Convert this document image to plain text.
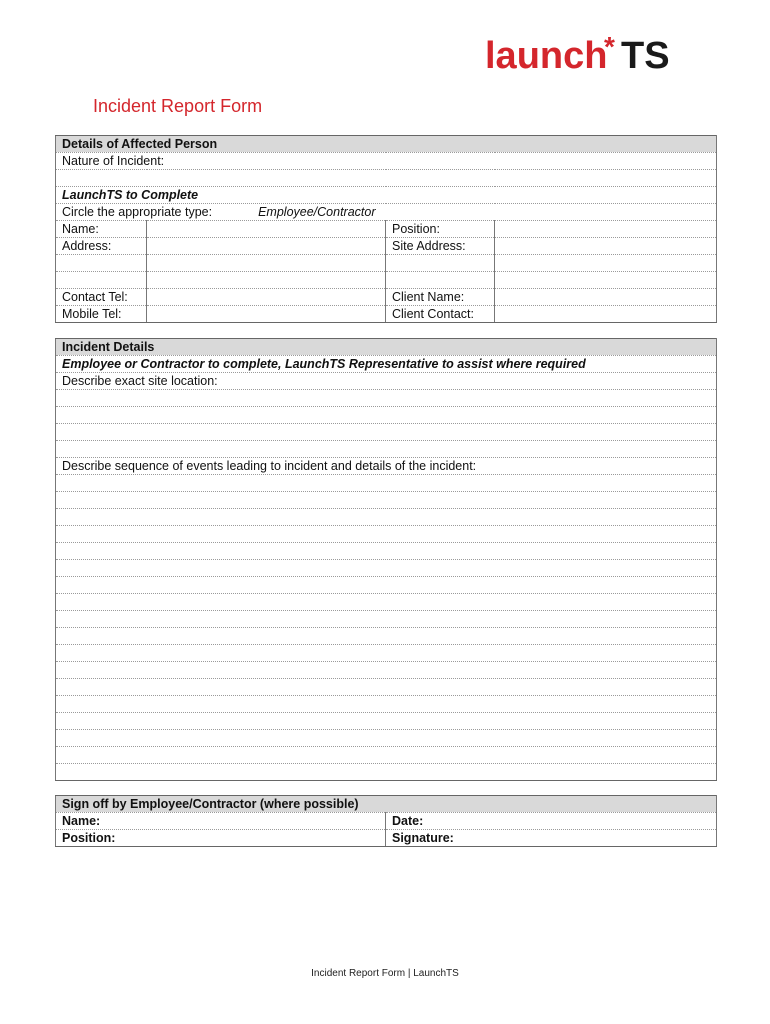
launch
* TS
Incident Report Form
Details of Affected Person			
Nature of Incident:			

LaunchTS to Complete			
Circle the appropriate type: Employee/Contractor			
Name:		Position:	
Address:		Site Address:	

Contact Tel:		Client Name:	
Mobile Tel:		Client Contact:	
Incident Details
Employee or Contractor to complete, LaunchTS Representative to assist where required
Describe exact site location:

Describe sequence of events leading to incident and details of the incident:

Sign off by Employee/Contractor (where possible)	
Name:	Date:
Position:	Signature:
Incident Report Form | LaunchTS
